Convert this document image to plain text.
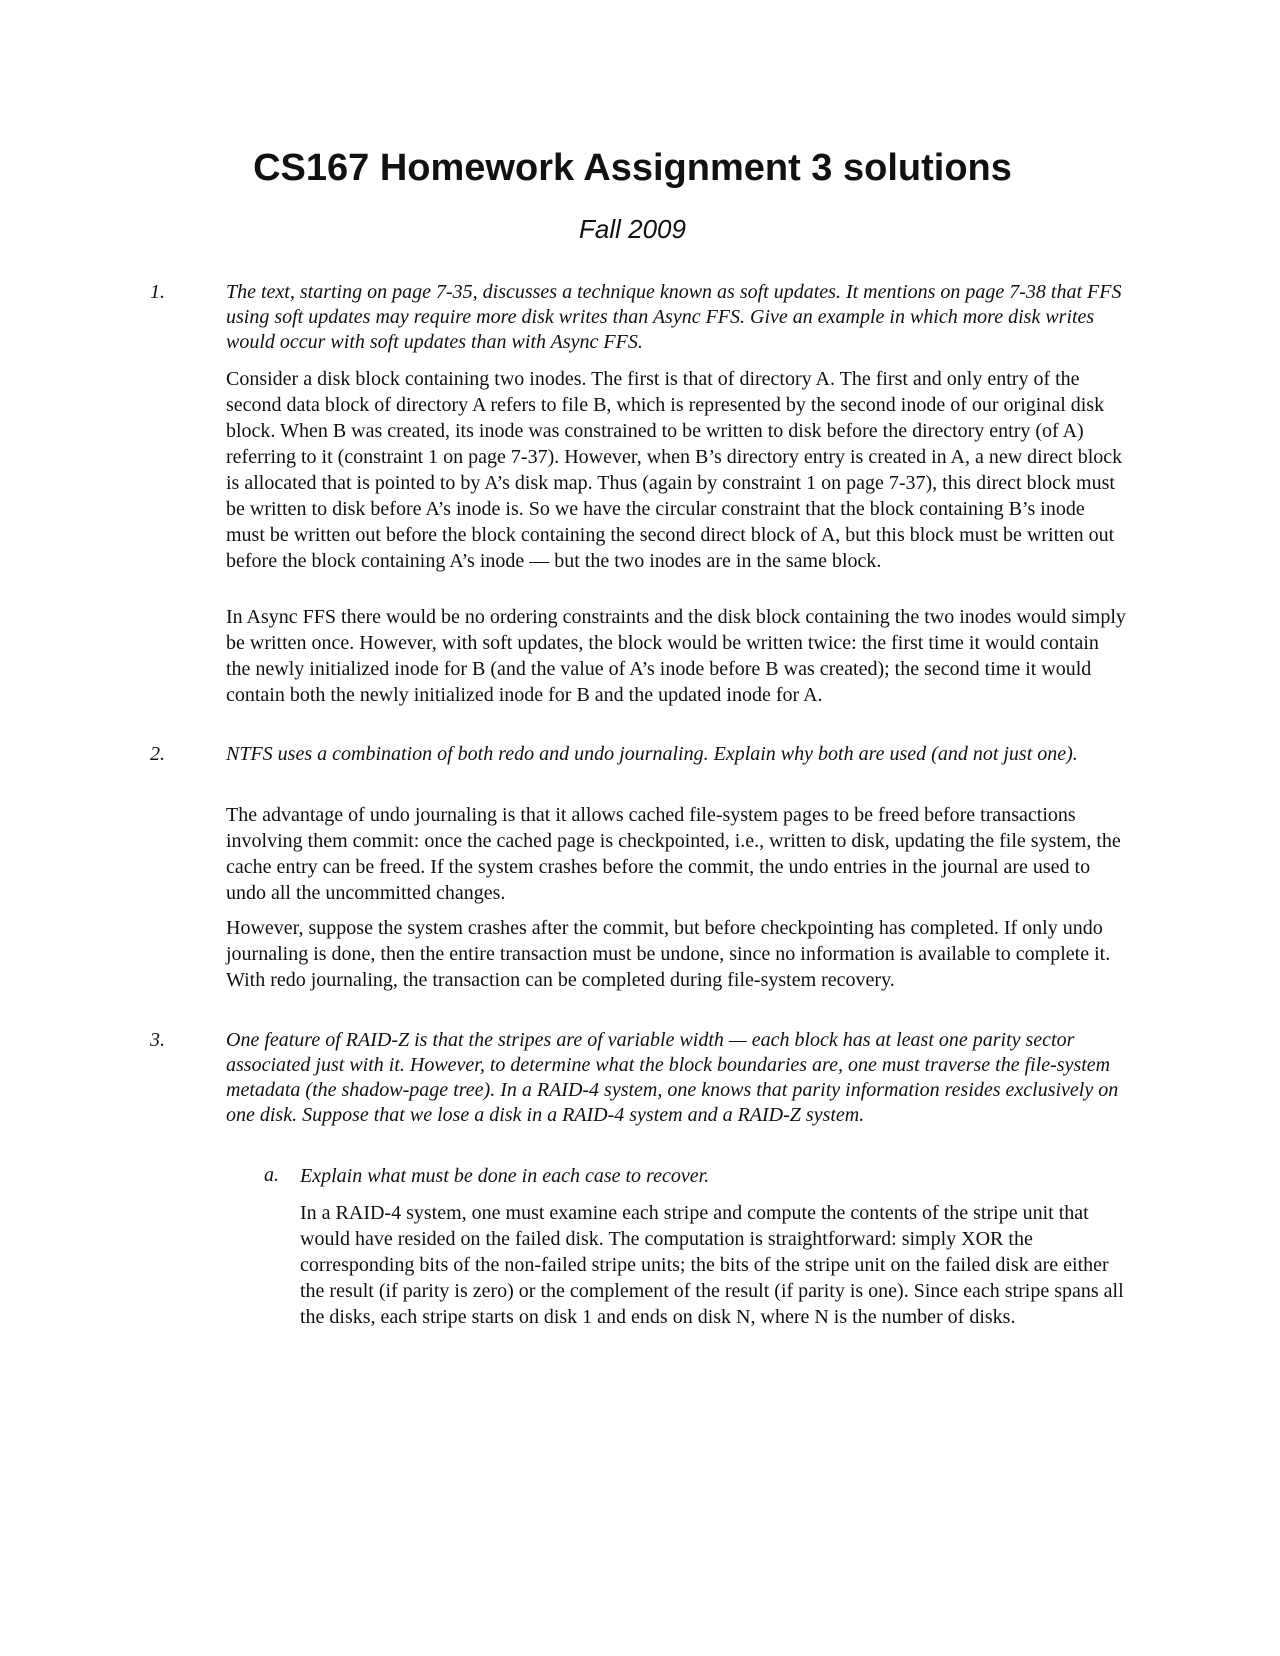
CS167 Homework Assignment 3 solutions
Fall 2009
1.	The text, starting on page 7-35, discusses a technique known as soft updates. It mentions on page 7-38 that FFS using soft updates may require more disk writes than Async FFS. Give an example in which more disk writes would occur with soft updates than with Async FFS.

Consider a disk block containing two inodes. The first is that of directory A. The first and only entry of the second data block of directory A refers to file B, which is represented by the second inode of our original disk block. When B was created, its inode was constrained to be written to disk before the directory entry (of A) referring to it (constraint 1 on page 7-37). However, when B’s directory entry is created in A, a new direct block is allocated that is pointed to by A’s disk map. Thus (again by constraint 1 on page 7-37), this direct block must be written to disk before A’s inode is. So we have the circular constraint that the block containing B’s inode must be written out before the block containing the second direct block of A, but this block must be written out before the block containing A’s inode — but the two inodes are in the same block.

In Async FFS there would be no ordering constraints and the disk block containing the two inodes would simply be written once. However, with soft updates, the block would be written twice: the first time it would contain the newly initialized inode for B (and the value of A’s inode before B was created); the second time it would contain both the newly initialized inode for B and the updated inode for A.

2.	NTFS uses a combination of both redo and undo journaling. Explain why both are used (and not just one).

The advantage of undo journaling is that it allows cached file-system pages to be freed before transactions involving them commit: once the cached page is checkpointed, i.e., written to disk, updating the file system, the cache entry can be freed. If the system crashes before the commit, the undo entries in the journal are used to undo all the uncommitted changes.

However, suppose the system crashes after the commit, but before checkpointing has completed. If only undo journaling is done, then the entire transaction must be undone, since no information is available to complete it. With redo journaling, the transaction can be completed during file-system recovery.

3.	One feature of RAID-Z is that the stripes are of variable width — each block has at least one parity sector associated just with it. However, to determine what the block boundaries are, one must traverse the file-system metadata (the shadow-page tree). In a RAID-4 system, one knows that parity information resides exclusively on one disk. Suppose that we lose a disk in a RAID-4 system and a RAID-Z system.

a. Explain what must be done in each case to recover.

In a RAID-4 system, one must examine each stripe and compute the contents of the stripe unit that would have resided on the failed disk. The computation is straightforward: simply XOR the corresponding bits of the non-failed stripe units; the bits of the stripe unit on the failed disk are either the result (if parity is zero) or the complement of the result (if parity is one). Since each stripe spans all the disks, each stripe starts on disk 1 and ends on disk N, where N is the number of disks.
